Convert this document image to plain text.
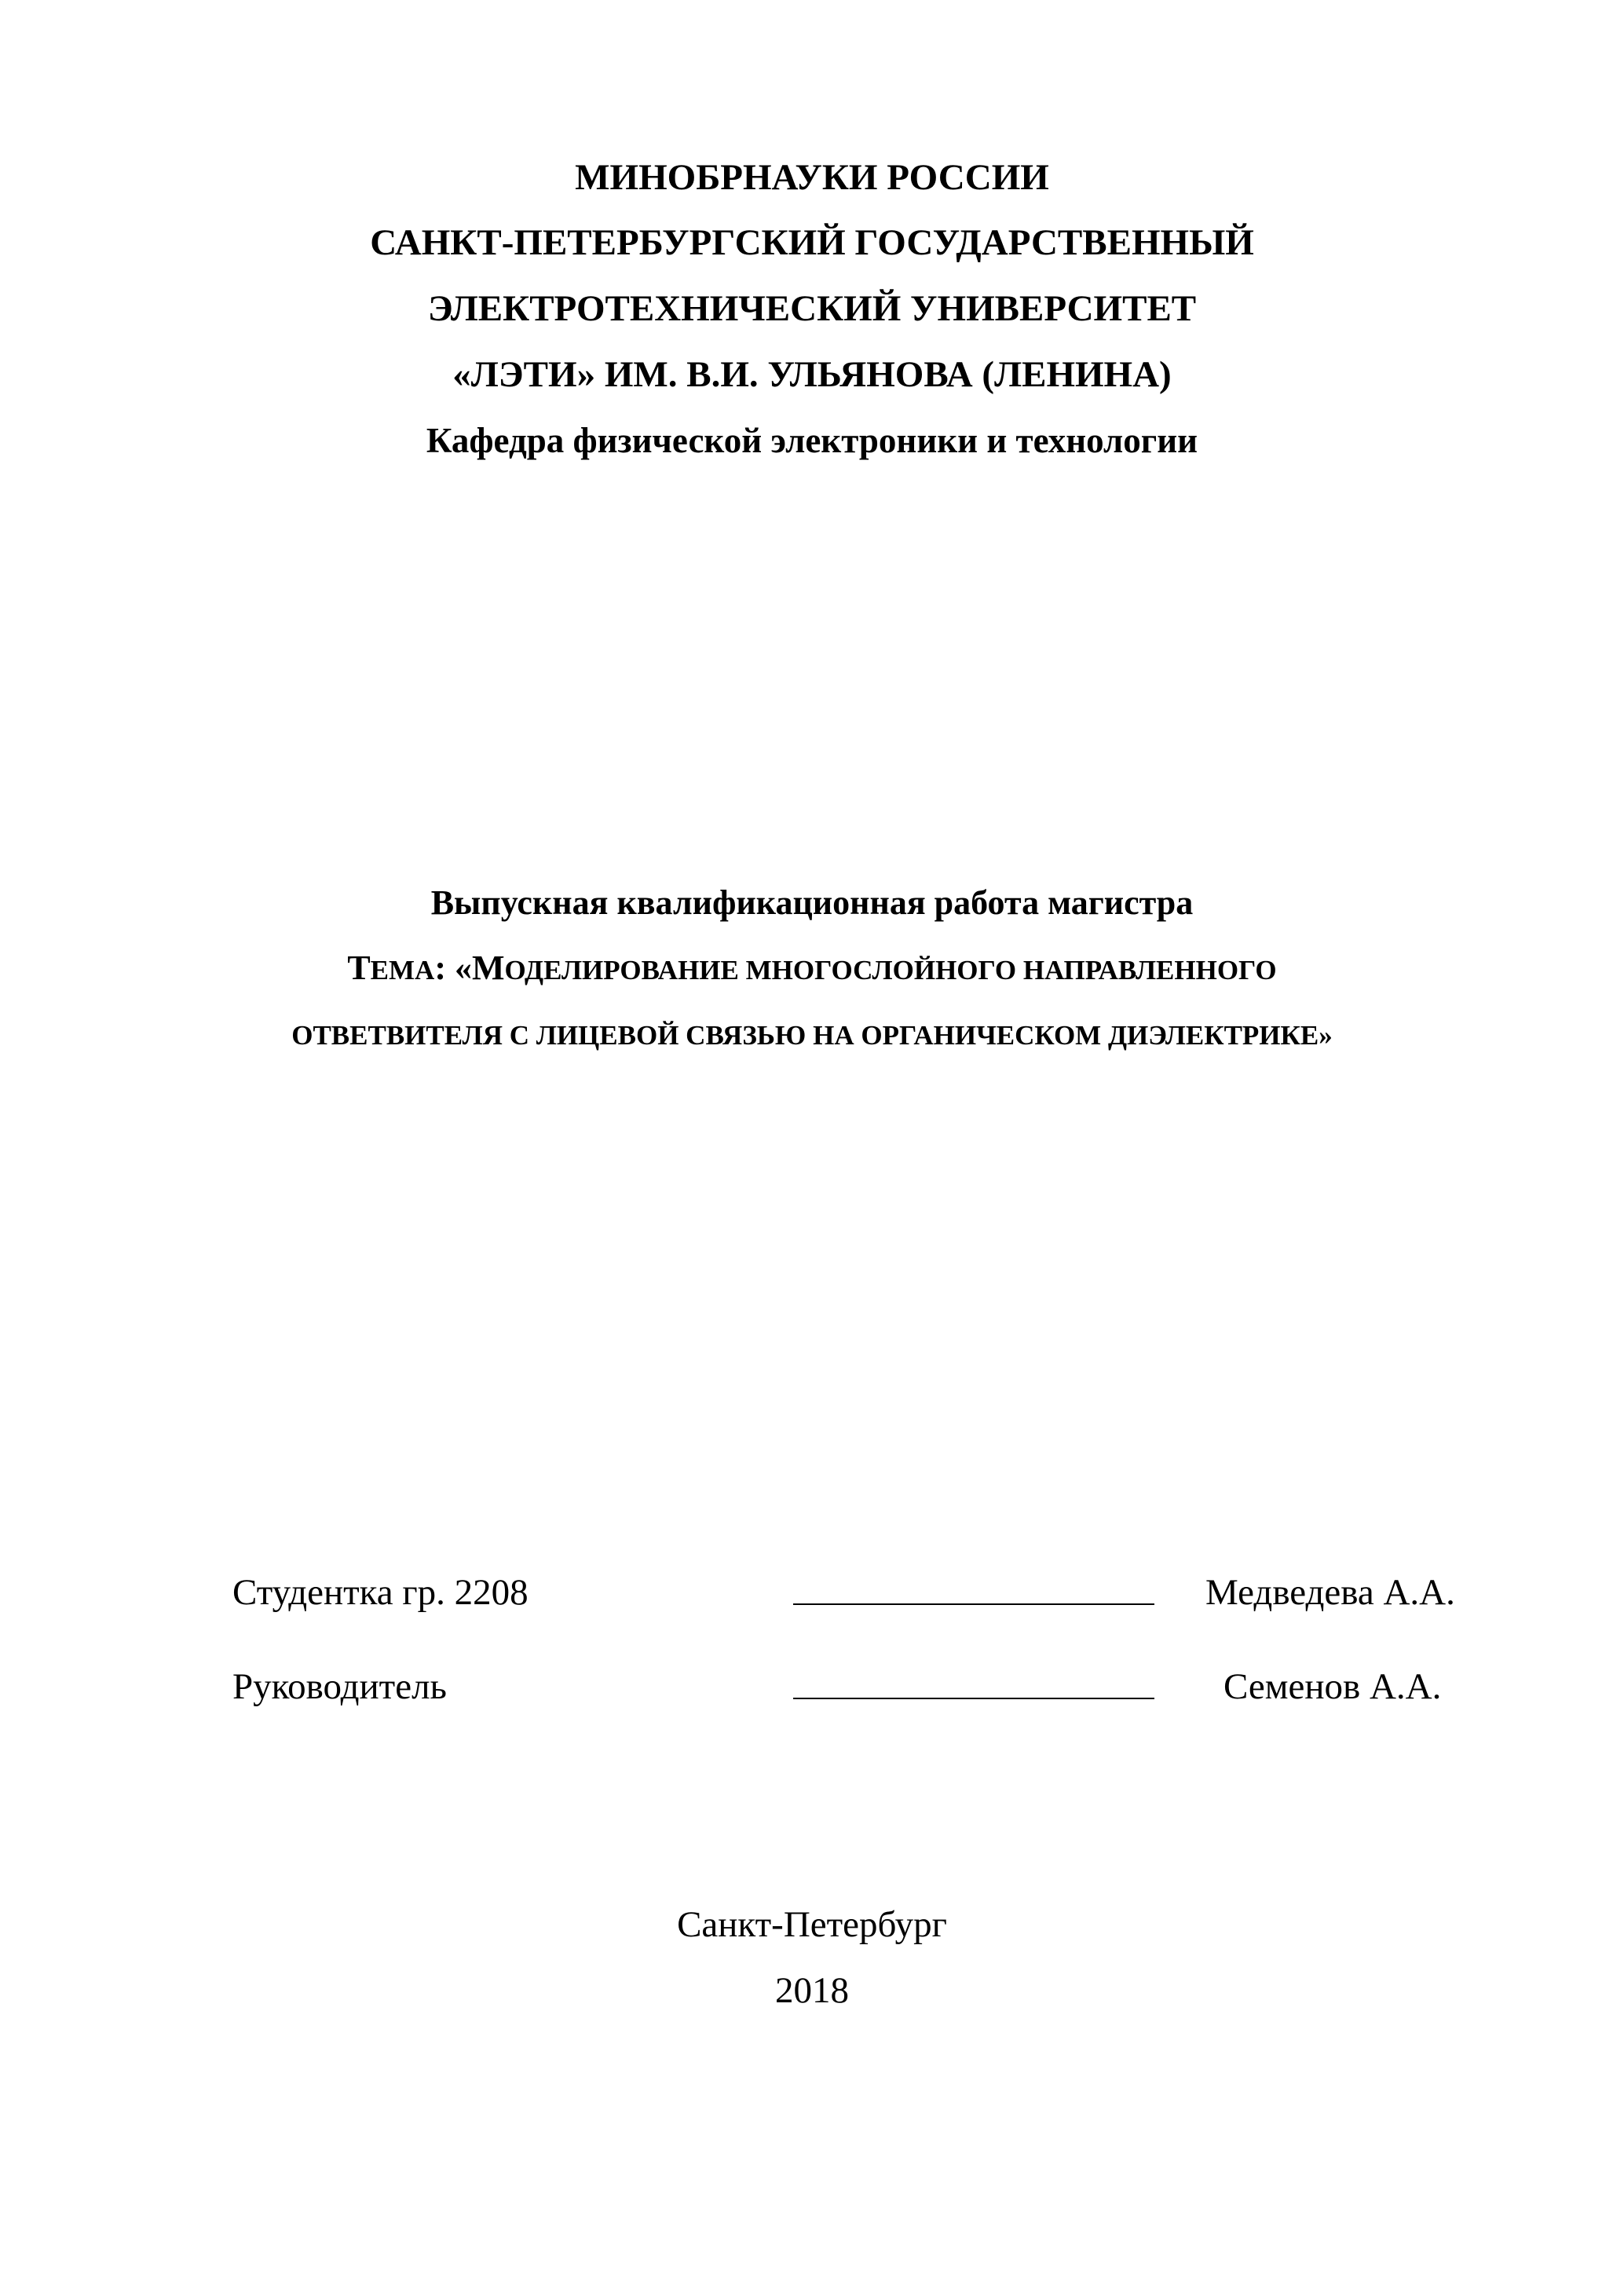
МИНОБРНАУКИ РОССИИ
САНКТ-ПЕТЕРБУРГСКИЙ ГОСУДАРСТВЕННЫЙ
ЭЛЕКТРОТЕХНИЧЕСКИЙ УНИВЕРСИТЕТ
«ЛЭТИ» ИМ. В.И. УЛЬЯНОВА (ЛЕНИНА)
Кафедра физической электроники и технологии
Выпускная квалификационная работа магистра
ТЕМА: «МОДЕЛИРОВАНИЕ МНОГОСЛОЙНОГО НАПРАВЛЕННОГО
ОТВЕТВИТЕЛЯ С ЛИЦЕВОЙ СВЯЗЬЮ НА ОРГАНИЧЕСКОМ ДИЭЛЕКТРИКЕ»
Студентка гр. 2208	Медведева А.А.
Руководитель	Семенов А.А.
Санкт-Петербург
2018
